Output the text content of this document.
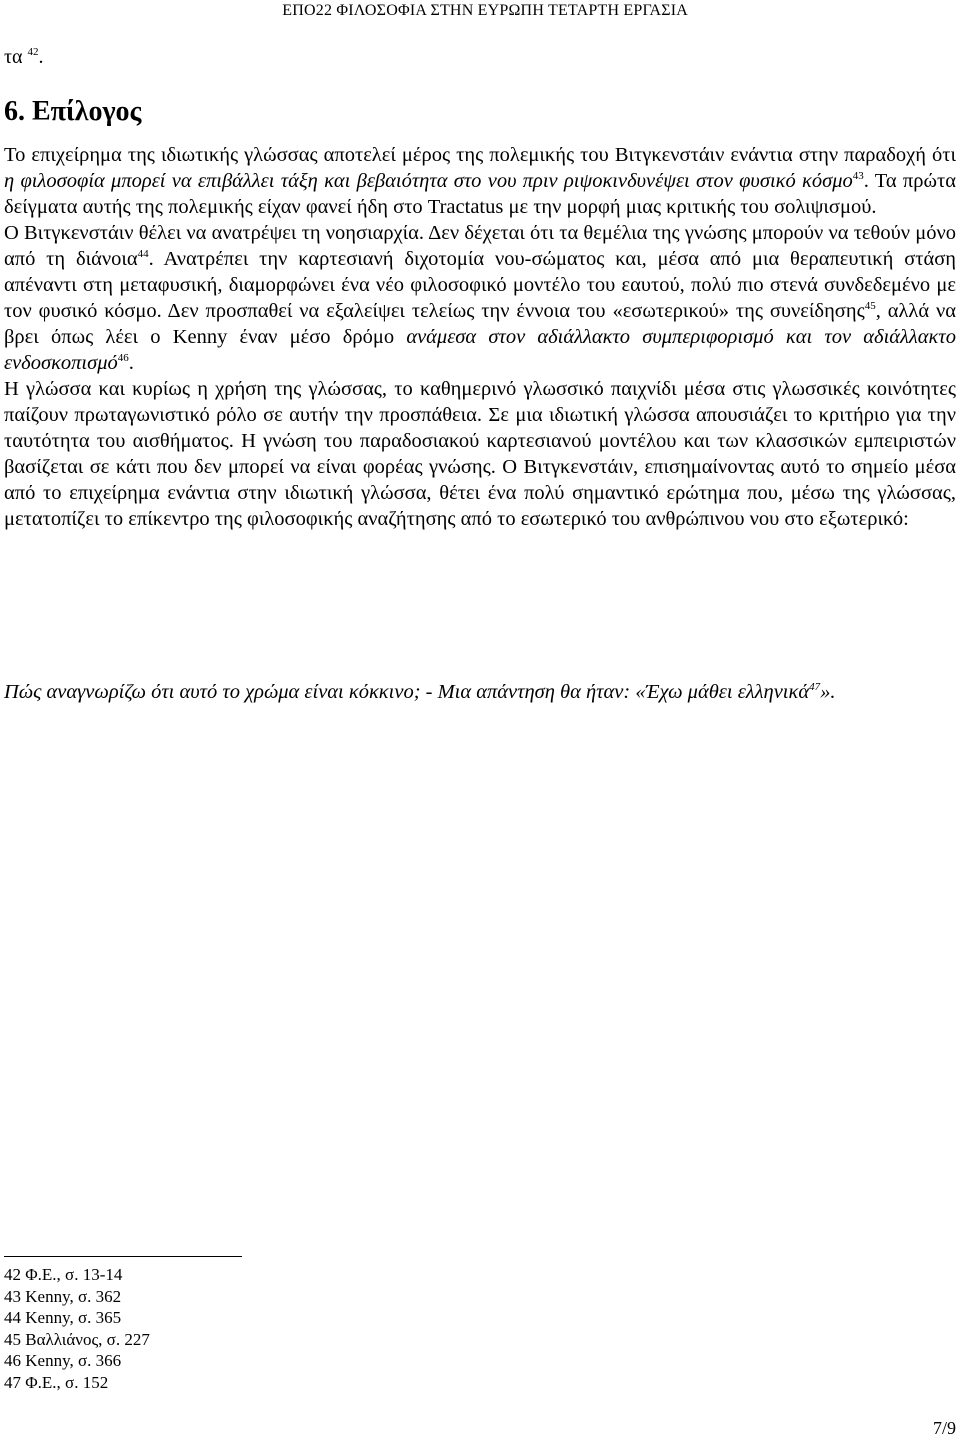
ΕΠΟ22 ΦΙΛΟΣΟΦΙΑ ΣΤΗΝ ΕΥΡΩΠΗ ΤΕΤΑΡΤΗ ΕΡΓΑΣΙΑ
τα $^{42}$.
6. Επίλογος

Το επιχείρημα της ιδιωτικής γλώσσας αποτελεί μέρος της πολεμικής του Βιτγκενστάιν ενάντια στην παραδοχή ότι η φιλοσοφία μπορεί να επιβάλλει τάξη και βεβαιότητα στο νου πριν ριψοκινδυνέψει στον φυσικό κόσμο$^{43}$. Τα πρώτα δείγματα αυτής της πολεμικής είχαν φανεί ήδη στο Tractatus με την μορφή μιας κριτικής του σολιψισμού.

Ο Βιτγκενστάιν θέλει να ανατρέψει τη νοησιαρχία. Δεν δέχεται ότι τα θεμέλια της γνώσης μπορούν να τεθούν μόνο από τη διάνοια$^{44}$. Ανατρέπει την καρτεσιανή διχοτομία νου-σώματος και, μέσα από μια θεραπευτική στάση απέναντι στη μεταφυσική, διαμορφώνει ένα νέο φιλοσοφικό μοντέλο του εαυτού, πολύ πιο στενά συνδεδεμένο με τον φυσικό κόσμο. Δεν προσπαθεί να εξαλείψει τελείως την έννοια του «εσωτερικού» της συνείδησης$^{45}$, αλλά να βρει όπως λέει ο Kenny έναν μέσο δρόμο ανάμεσα στον αδιάλλακτο συμπεριφορισμό και τον αδιάλλακτο ενδοσκοπισμό$^{46}$.

Η γλώσσα και κυρίως η χρήση της γλώσσας, το καθημερινό γλωσσικό παιχνίδι μέσα στις γλωσσικές κοινότητες παίζουν πρωταγωνιστικό ρόλο σε αυτήν την προσπάθεια. Σε μια ιδιωτική γλώσσα απουσιάζει το κριτήριο για την ταυτότητα του αισθήματος. Η γνώση του παραδοσιακού καρτεσιανού μοντέλου και των κλασσικών εμπειριστών βασίζεται σε κάτι που δεν μπορεί να είναι φορέας γνώσης. Ο Βιτγκενστάιν, επισημαίνοντας αυτό το σημείο μέσα από το επιχείρημα ενάντια στην ιδιωτική γλώσσα, θέτει ένα πολύ σημαντικό ερώτημα που, μέσω της γλώσσας, μετατοπίζει το επίκεντρο της φιλοσοφικής αναζήτησης από το εσωτερικό του ανθρώπινου νου στο εξωτερικό:

Πώς αναγνωρίζω ότι αυτό το χρώμα είναι κόκκινο; - Μια απάντηση θα ήταν: «Έχω μάθει ελληνικά$^{47}$».

42 Φ.Ε., σ. 13-14
43 Kenny, σ. 362
44 Kenny, σ. 365
45 Βαλλιάνος, σ. 227
46 Kenny, σ. 366
47 Φ.Ε., σ. 152
7/9
